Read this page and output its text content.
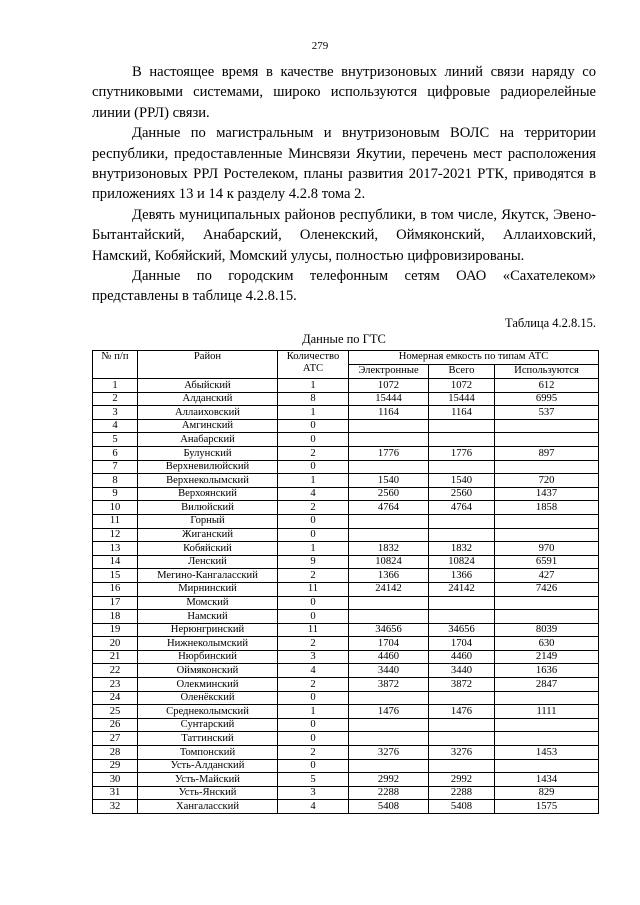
279

В настоящее время в качестве внутризоновых линий связи наряду со спутниковыми системами, широко используются цифровые радиорелейные линии (РРЛ) связи.

Данные по магистральным и внутризоновым ВОЛС на территории республики, предоставленные Минсвязи Якутии, перечень мест расположения внутризоновых РРЛ Ростелеком, планы развития 2017-2021 РТК, приводятся в приложениях 13 и 14 к разделу 4.2.8 тома 2.

Девять муниципальных районов республики, в том числе, Якутск, Эвено-Бытантайский, Анабарский, Оленекский, Оймяконский, Аллаиховский, Намский, Кобяйский, Момский улусы, полностью цифровизированы.

Данные по городским телефонным сетям ОАО «Сахателеком» представлены в таблице 4.2.8.15.

Таблица 4.2.8.15.
Данные по ГТС
№ п/п	Район	Количество АТС	Номерная емкость по типам АТС		
			Электронные	Всего	Используются
1	Абыйский	1	1072	1072	612
2	Алданский	8	15444	15444	6995
3	Аллаиховский	1	1164	1164	537
4	Амгинский	0			
5	Анабарский	0			
6	Булунский	2	1776	1776	897
7	Верхневилюйский	0			
8	Верхнеколымский	1	1540	1540	720
9	Верхоянский	4	2560	2560	1437
10	Вилюйский	2	4764	4764	1858
11	Горный	0			
12	Жиганский	0			
13	Кобяйский	1	1832	1832	970
14	Ленский	9	10824	10824	6591
15	Мегино-Кангаласский	2	1366	1366	427
16	Мирнинский	11	24142	24142	7426
17	Момский	0			
18	Намский	0			
19	Нерюнгринский	11	34656	34656	8039
20	Нижнеколымский	2	1704	1704	630
21	Нюрбинский	3	4460	4460	2149
22	Оймяконский	4	3440	3440	1636
23	Олекминский	2	3872	3872	2847
24	Оленёкский	0			
25	Среднеколымский	1	1476	1476	1111
26	Сунтарский	0			
27	Таттинский	0			
28	Томпонский	2	3276	3276	1453
29	Усть-Алданский	0			
30	Усть-Майский	5	2992	2992	1434
31	Усть-Янский	3	2288	2288	829
32	Хангаласский	4	5408	5408	1575
